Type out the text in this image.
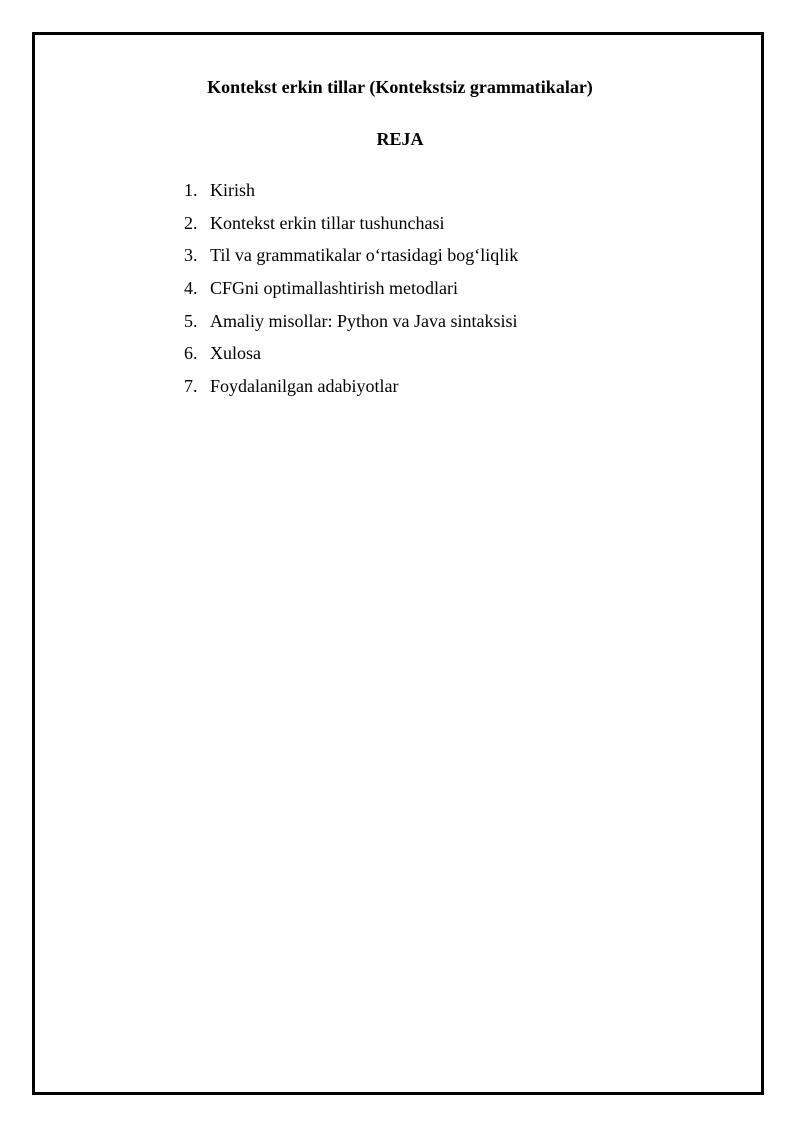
Kontekst erkin tillar (Kontekstsiz grammatikalar)
REJA
1. Kirish
2. Kontekst erkin tillar tushunchasi
3. Til va grammatikalar o‘rtasidagi bog‘liqlik
4. CFGni optimallashtirish metodlari
5. Amaliy misollar: Python va Java sintaksisi
6. Xulosa
7. Foydalanilgan adabiyotlar
